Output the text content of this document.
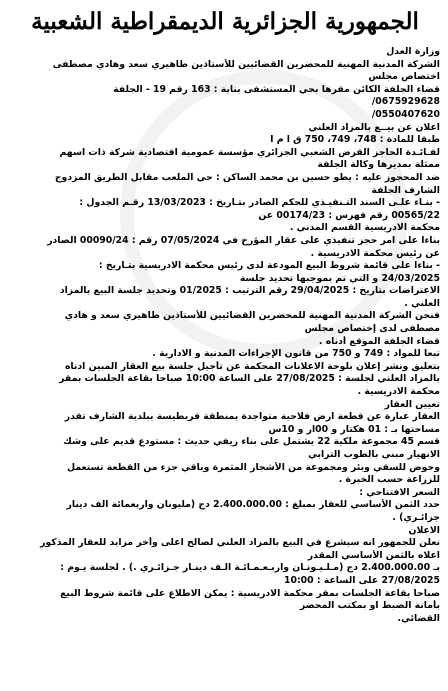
الجمهورية الجزائرية الديمقراطية الشعبية
وزارة العدل
الشركة المدنية المهنية للمحضرين القضائيين للأستاذين طاهيري سعد وهادي مصطفى
اختصاص مجلس
قضاء الجلفة الكائن مقرها بحي المستشفى بناية : 163 رقم 19 - الجلفة
0675929628/
0550407620/
اعلان عن بيــع بالمزاد العلني
طبقا للمادة : 748، 749، 750 ق ا م ا
لفـائـدة الحاجز القرض الشعبي الجزائري مؤسسة عمومية اقتصادية شركة ذات اسهم
ممثلة بمديرها وكالة الجلفة
ضد المحجوز عليه : يطو حسين بن محمد الساكن : حي الملعب مقابل الطريق المزدوج
الشارف الجلفة
- بنـاء علـى السند التـنفيـذي للحكم الصادر بتـاريخ : 13/03/2023 رقـم الجدول :
00565/22 رقم فهرس : 00174/23 عن
محكمة الادريسية القسم المدني .
بناءا على امر حجز تنفيذي على عقار المؤرخ في 07/05/2024 رقم : 00090/24 الصادر
عن رئيس محكمة الادريسية .
- بناءا على قائمة شروط البيع المودعة لدى رئيس محكمة الادريسية بتـاريخ :
24/03/2025 و التي تم بموجبها تحديد جلسة
الاعتراضات بتاريخ : 29/04/2025 رقم الترتيب : 01/2025 وتحديد جلسة البيع بالمزاد
العلني .
فنحن الشركة المدنية المهنية للمحضرين القضائيين للأستاذين طاهيري سعد و هادي
مصطفى لدى إختصاص مجلس
قضاء الجلفة الموقع أدناه .
تبعا للمواد : 749 و 750 من قانون الإجراءات المدنية و الادارية .
بتعليق ونشر إعلان بلوحة الاعلانات المحكمة عن تأجيل جلسة بيع العقار المبين ادناه
بالمزاد العلني لجلسة : 27/08/2025 على الساعة 10:00 صباحا بقاعة الجلسات بمقر
محكمة الادريسية .
تعيين العقار
العقار عبارة عن قطعة ارض فلاحية متواجدة بمنطقة فريطيسة ببلدية الشارف تقدر
مساحتها بـ : 01 هكتار و 00ار و 10س
قسم 45 مجموعة ملكية 22 يشتمل على بناء ريفي حديث : مستودع قديم على وشك
الانهيار مبني بالطوب الترابي
وحوض للسقي وبئر ومجموعة من الأشجار المثمرة وباقي جزء من القطعة تستعمل
للزراعة حسب الخبرة .
السعر الافتتاحي :
حدد الثمن الأساسي للعقار بمبلغ : 2.400.000.00 دج (مليونان واربعمائة الف دينار
جزائـري) .
الاعلان
نعلن للجمهور انه سيشرع في البيع بالمزاد العلني لصالح اعلى وأخر مزايد للعقار المذكور
اعلاه بالثمن الأساسي المقدر
بـ 2.400.000.00 دج (مـلـيـونـان واربـعـمـائـة الـف دينـار جـزائـري .) . لجلسة يـوم :
27/08/2025 على الساعة : 10:00
صباحا بقاعة الجلسات بمقر محكمة الادريسية : يمكن الاطلاع على قائمة شروط البيع
بأمانة الضبط او بمكتب المحضر
القضائي.
